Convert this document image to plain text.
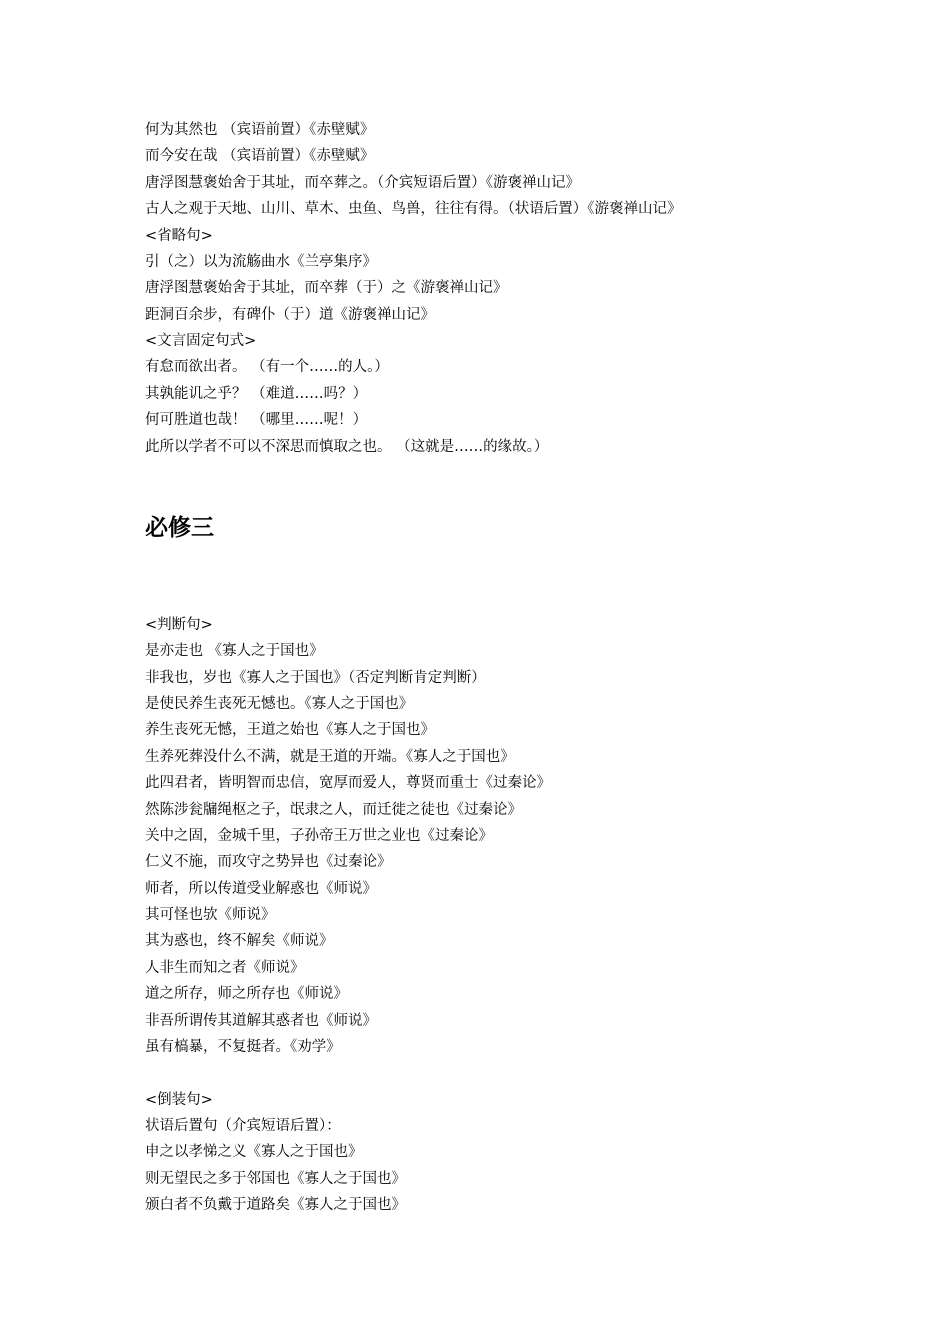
何为其然也 （宾语前置）《赤壁赋》
而今安在哉 （宾语前置）《赤壁赋》
唐浮图慧褒始舍于其址，而卒葬之。（介宾短语后置）《游褒禅山记》
古人之观于天地、山川、草木、虫鱼、鸟兽，往往有得。（状语后置）《游褒禅山记》
<省略句>
引（之）以为流觞曲水《兰亭集序》
唐浮图慧褒始舍于其址，而卒葬（于）之《游褒禅山记》
距洞百余步，有碑仆（于）道《游褒禅山记》
<文言固定句式>
有怠而欲出者。 （有一个……的人。）
其孰能讥之乎？ （难道……吗？）
何可胜道也哉！ （哪里……呢！）
此所以学者不可以不深思而慎取之也。 （这就是……的缘故。）
必修三
<判断句>
是亦走也 《寡人之于国也》
非我也，岁也《寡人之于国也》（否定判断肯定判断）
是使民养生丧死无憾也。《寡人之于国也》
养生丧死无憾，王道之始也《寡人之于国也》
生养死葬没什么不满，就是王道的开端。《寡人之于国也》
此四君者，皆明智而忠信，宽厚而爱人，尊贤而重士《过秦论》
然陈涉瓮牖绳枢之子，氓隶之人，而迁徙之徒也《过秦论》
关中之固，金城千里，子孙帝王万世之业也《过秦论》
仁义不施，而攻守之势异也《过秦论》
师者，所以传道受业解惑也《师说》
其可怪也欤《师说》
其为惑也，终不解矣《师说》
人非生而知之者《师说》
道之所存，师之所存也《师说》
非吾所谓传其道解其惑者也《师说》
虽有槁暴，不复挺者。《劝学》
<倒装句>
状语后置句（介宾短语后置）：
申之以孝悌之义《寡人之于国也》
则无望民之多于邻国也《寡人之于国也》
颁白者不负戴于道路矣《寡人之于国也》
